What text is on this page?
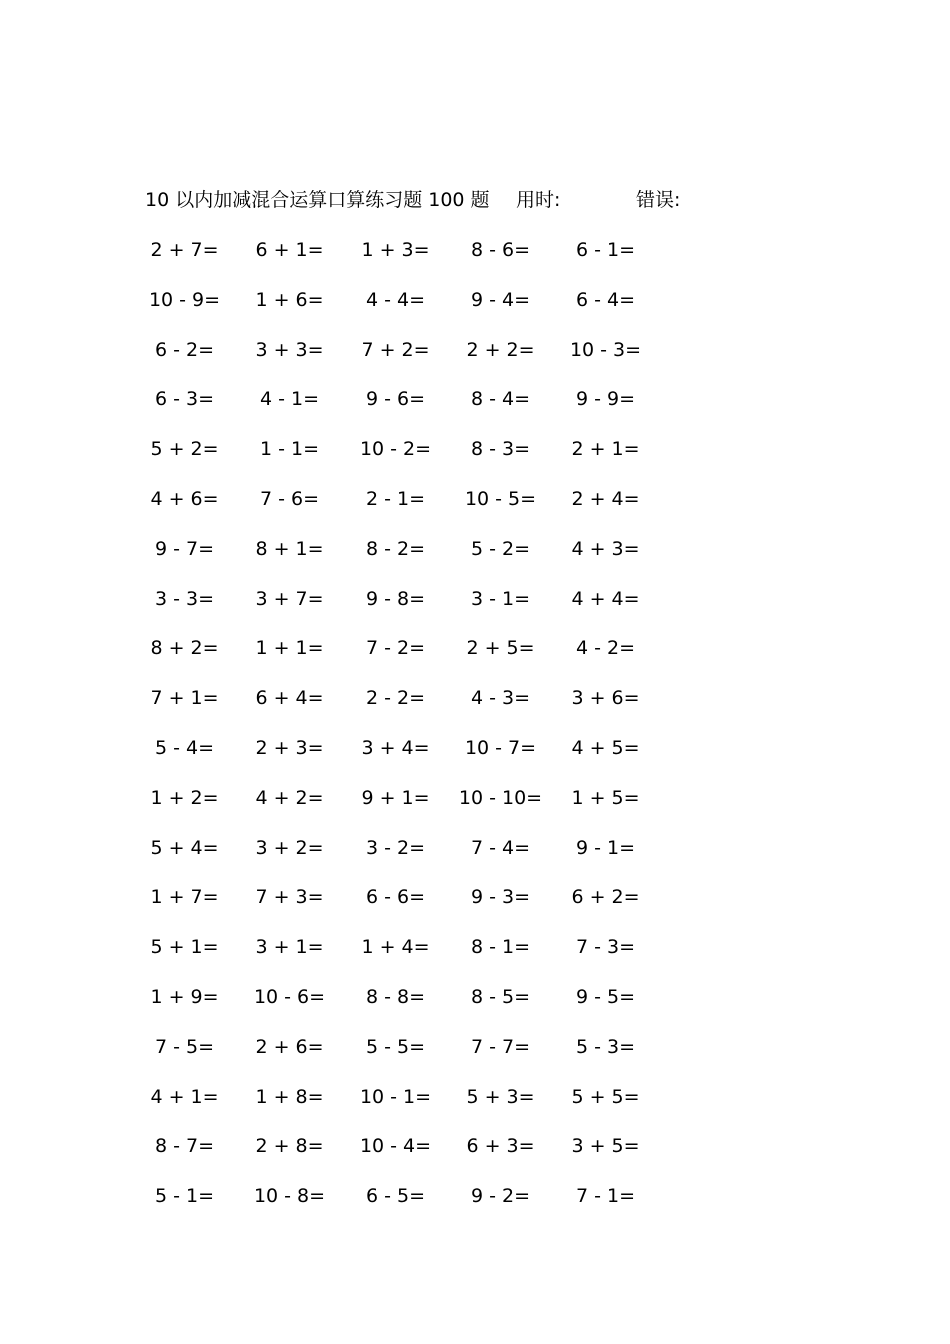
10 以内加减混合运算口算练习题 100 题 用时:	错误:
2 + 7=	6 + 1=	1 + 3=	8 - 6=	6 - 1=
10 - 9=	1 + 6=	4 - 4=	9 - 4=	6 - 4=
6 - 2=	3 + 3=	7 + 2=	2 + 2=	10 - 3=
6 - 3=	4 - 1=	9 - 6=	8 - 4=	9 - 9=
5 + 2=	1 - 1=	10 - 2=	8 - 3=	2 + 1=
4 + 6=	7 - 6=	2 - 1=	10 - 5=	2 + 4=
9 - 7=	8 + 1=	8 - 2=	5 - 2=	4 + 3=
3 - 3=	3 + 7=	9 - 8=	3 - 1=	4 + 4=
8 + 2=	1 + 1=	7 - 2=	2 + 5=	4 - 2=
7 + 1=	6 + 4=	2 - 2=	4 - 3=	3 + 6=
5 - 4=	2 + 3=	3 + 4=	10 - 7=	4 + 5=
1 + 2=	4 + 2=	9 + 1=	10 - 10=	1 + 5=
5 + 4=	3 + 2=	3 - 2=	7 - 4=	9 - 1=
1 + 7=	7 + 3=	6 - 6=	9 - 3=	6 + 2=
5 + 1=	3 + 1=	1 + 4=	8 - 1=	7 - 3=
1 + 9=	10 - 6=	8 - 8=	8 - 5=	9 - 5=
7 - 5=	2 + 6=	5 - 5=	7 - 7=	5 - 3=
4 + 1=	1 + 8=	10 - 1=	5 + 3=	5 + 5=
8 - 7=	2 + 8=	10 - 4=	6 + 3=	3 + 5=
5 - 1=	10 - 8=	6 - 5=	9 - 2=	7 - 1=
